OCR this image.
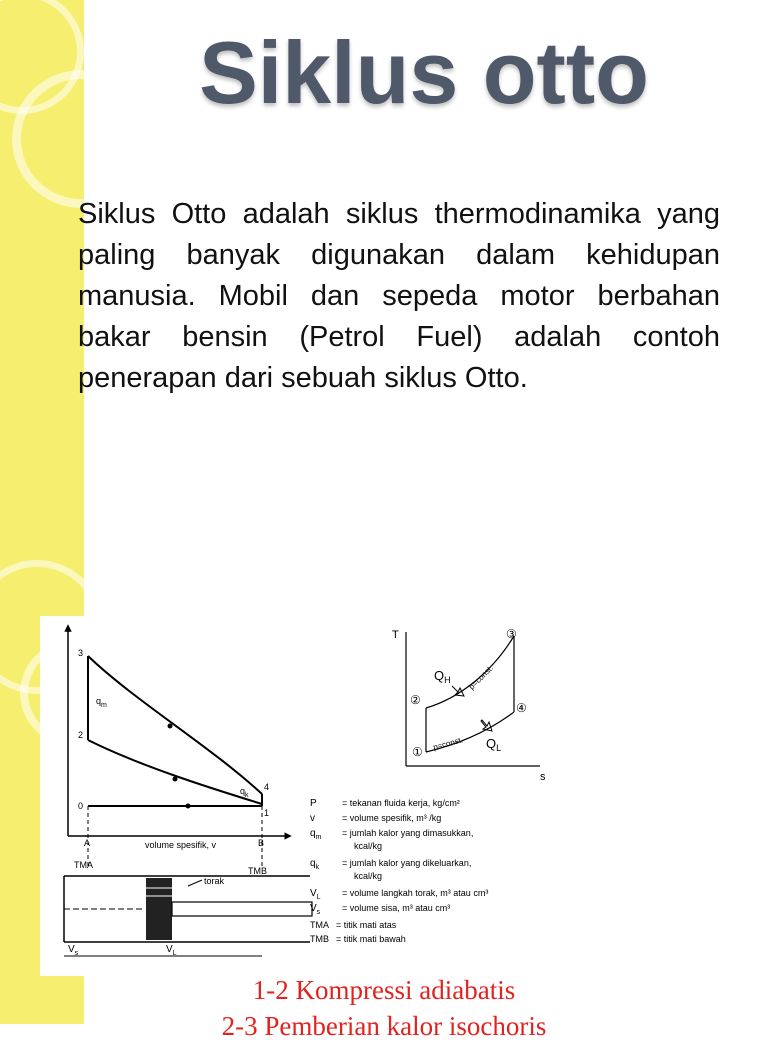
Siklus otto
Siklus Otto adalah siklus thermodinamika yang paling banyak digunakan dalam kehidupan manusia. Mobil dan sepeda motor berbahan bakar bensin (Petrol Fuel) adalah contoh penerapan dari sebuah siklus Otto.
volume spesifik, v
3
2
0
4
1
A	B
$q_m$
$q_k$
T
s
①
②
③
④
$Q_H$
$Q_L$
p=const.
p=const.
TMA
TMB
torak
$V_s$	$V_L$
P	= tekanan fluida kerja, kg/cm²
v	= volume spesifik, m³ /kg
$q_m$ = jumlah kalor yang dimasukkan,
kcal/kg
$q_k$	= jumlah kalor yang dikeluarkan,
kcal/kg
$V_L$ = volume langkah torak, m³ atau cm³
$V_s$ = volume sisa, m³ atau cm³
TMA = titik mati atas
TMB = titik mati bawah
1-2 Kompressi adiabatis
2-3 Pemberian kalor isochoris
